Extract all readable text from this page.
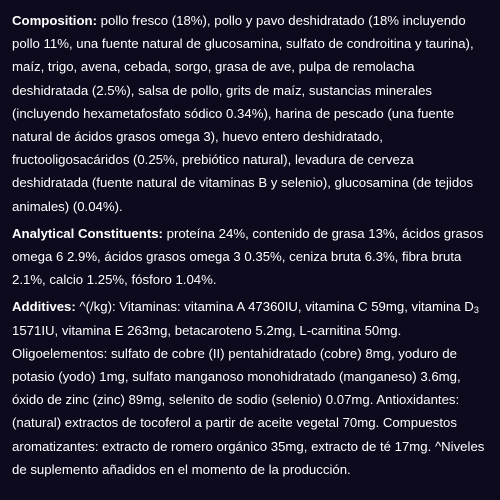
Composition: pollo fresco (18%), pollo y pavo deshidratado (18% incluyendo pollo 11%, una fuente natural de glucosamina, sulfato de condroitina y taurina), maíz, trigo, avena, cebada, sorgo, grasa de ave, pulpa de remolacha deshidratada (2.5%), salsa de pollo, grits de maíz, sustancias minerales (incluyendo hexametafosfato sódico 0.34%), harina de pescado (una fuente natural de ácidos grasos omega 3), huevo entero deshidratado, fructooligosacáridos (0.25%, prebiótico natural), levadura de cerveza deshidratada (fuente natural de vitaminas B y selenio), glucosamina (de tejidos animales) (0.04%).

Analytical Constituents: proteína 24%, contenido de grasa 13%, ácidos grasos omega 6 2.9%, ácidos grasos omega 3 0.35%, ceniza bruta 6.3%, fibra bruta 2.1%, calcio 1.25%, fósforo 1.04%.

Additives: ^(/kg): Vitaminas: vitamina A 47360IU, vitamina C 59mg, vitamina $D_3$ 1571IU, vitamina E 263mg, betacaroteno 5.2mg, L-carnitina 50mg. Oligoelementos: sulfato de cobre (II) pentahidratado (cobre) 8mg, yoduro de potasio (yodo) 1mg, sulfato manganoso monohidratado (manganeso) 3.6mg, óxido de zinc (zinc) 89mg, selenito de sodio (selenio) 0.07mg. Antioxidantes: (natural) extractos de tocoferol a partir de aceite vegetal 70mg. Compuestos aromatizantes: extracto de romero orgánico 35mg, extracto de té 17mg. ^Niveles de suplemento añadidos en el momento de la producción.
